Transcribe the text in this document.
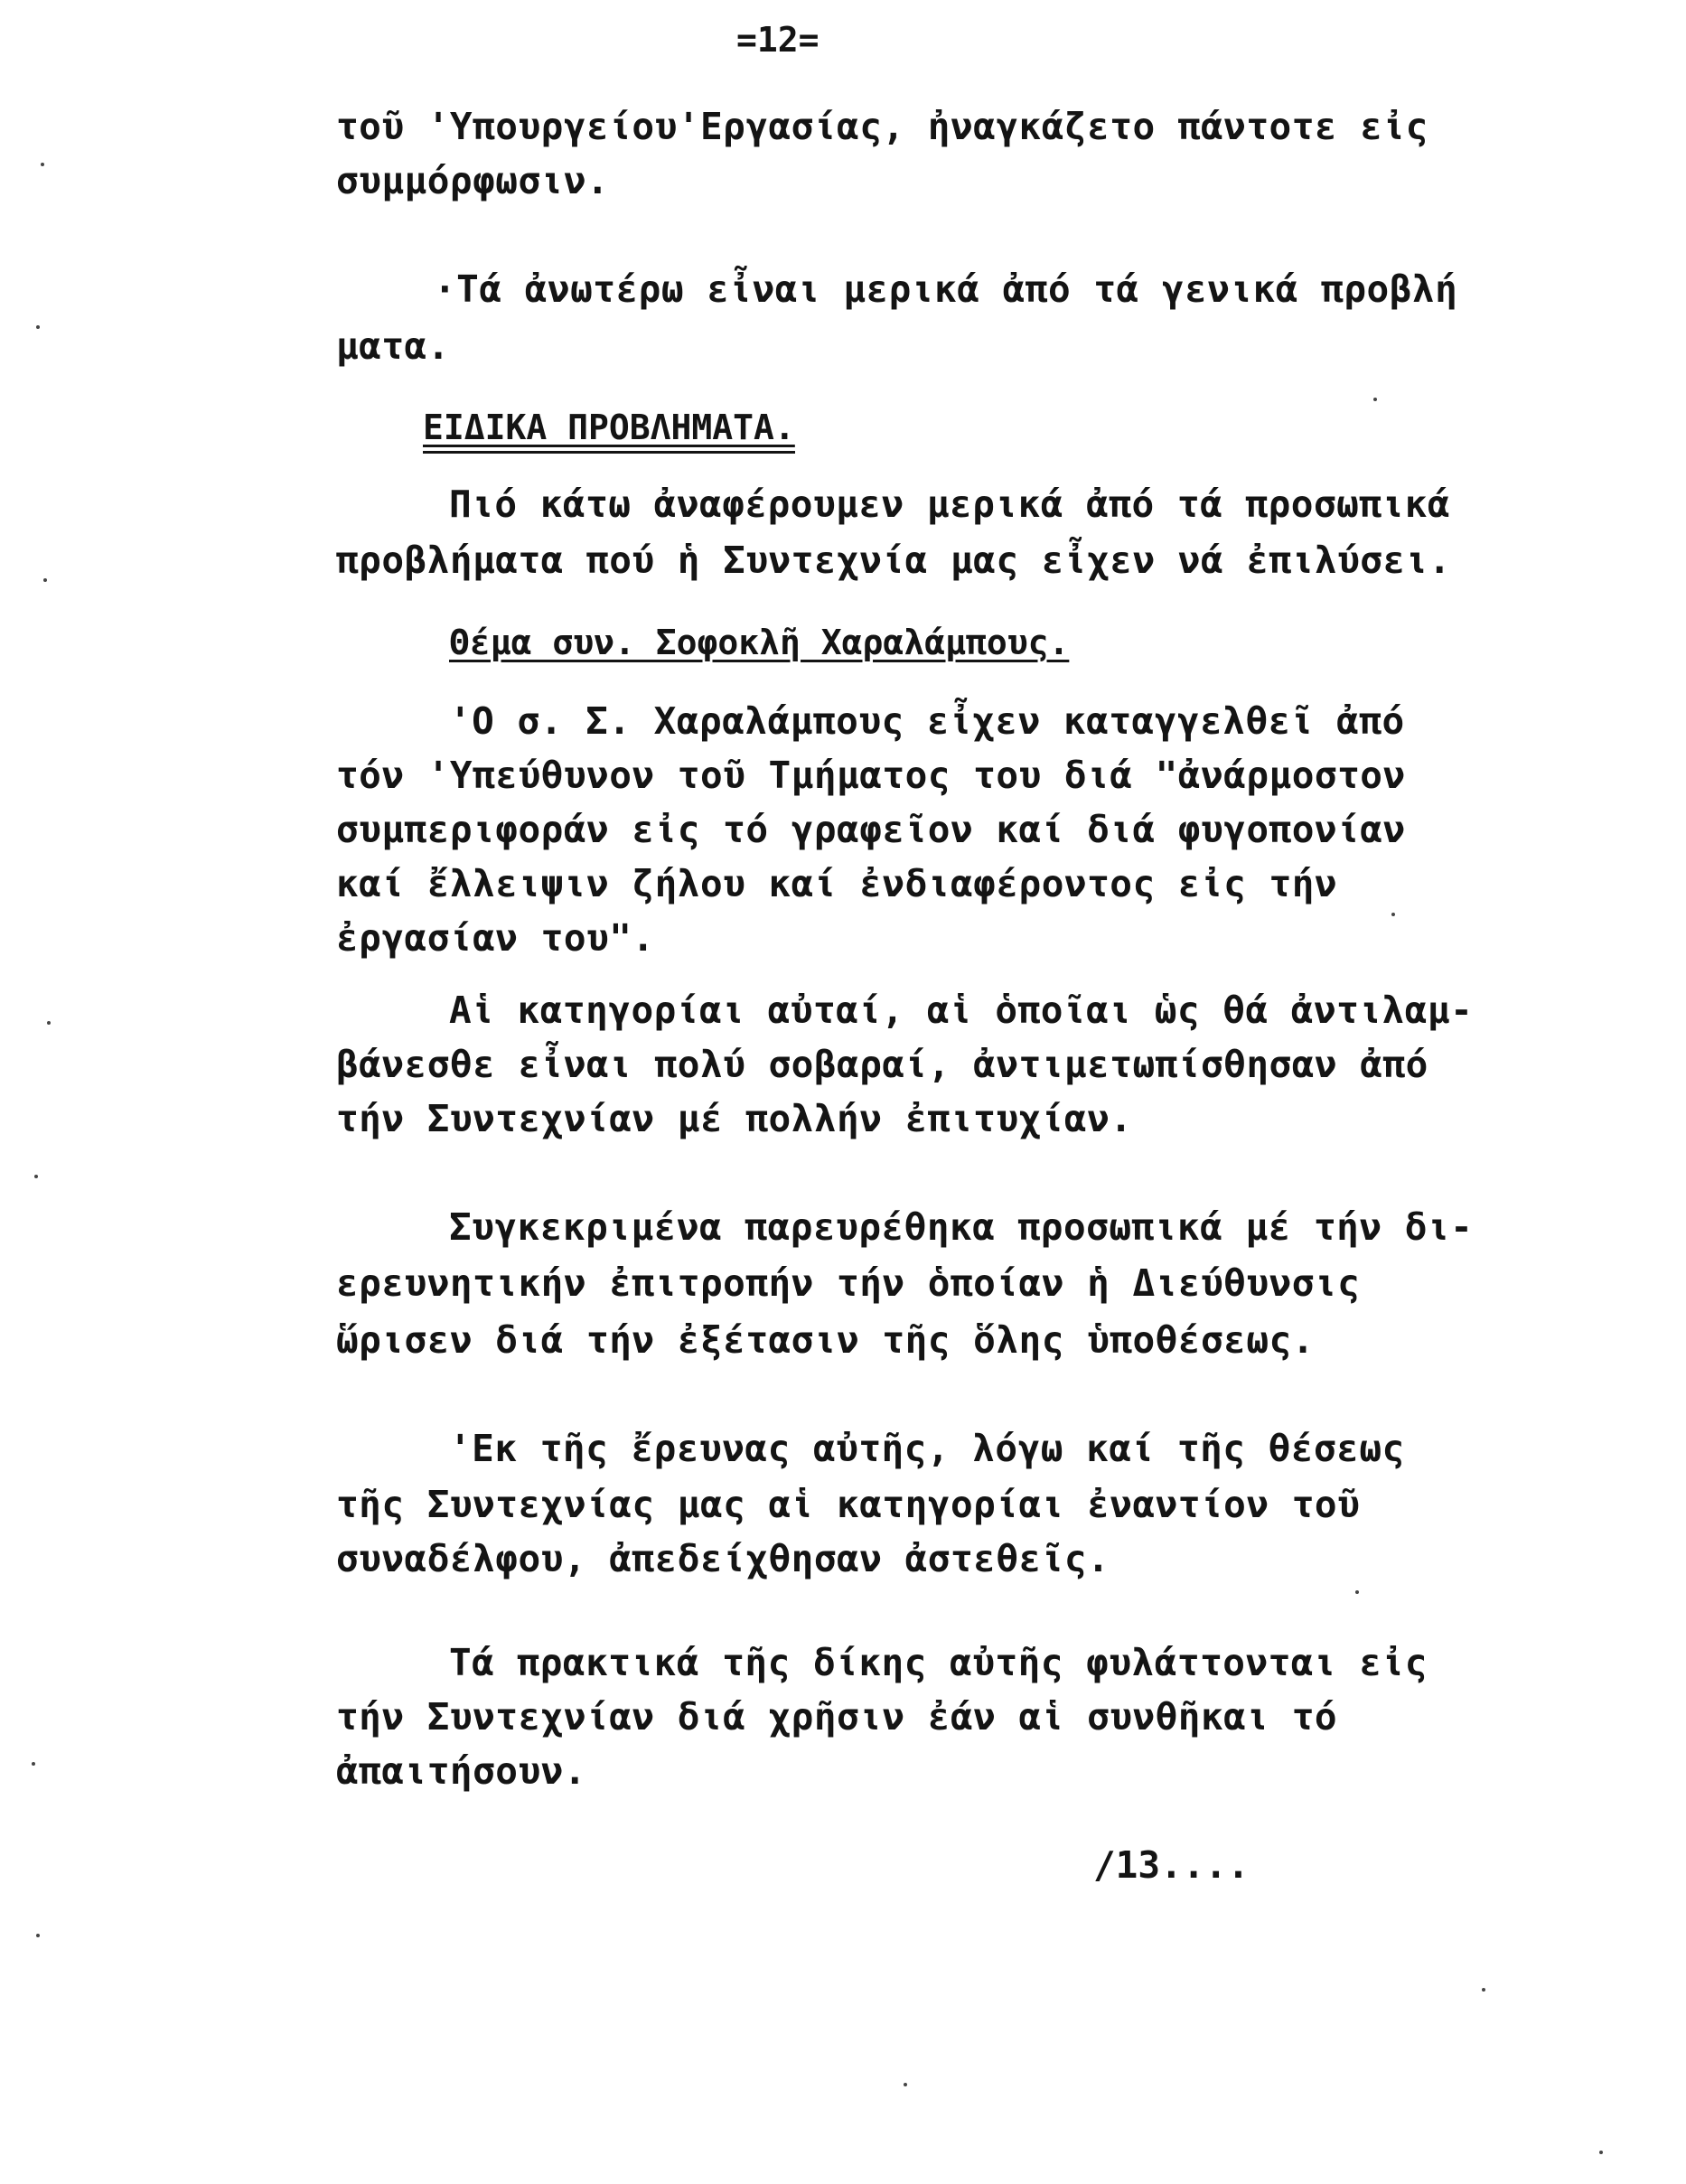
=12=
τοῦ 'Υπουργείου'Εργασίας, ἠναγκάζετο πάντοτε εἰς
συμμόρφωσιν.
·Τά ἀνωτέρω εἶναι μερικά ἀπό τά γενικά προβλή
ματα.
ΕΙΔΙΚΑ ΠΡΟΒΛΗΜΑΤΑ.
Πιό κάτω ἀναφέρουμεν μερικά ἀπό τά προσωπικά
προβλήματα πού ἡ Συντεχνία μας εἶχεν νά ἐπιλύσει.
Θέμα συν. Σοφοκλῆ Χαραλάμπους.
'Ο σ. Σ. Χαραλάμπους εἶχεν καταγγελθεῖ ἀπό
τόν 'Υπεύθυνον τοῦ Τμήματος του διά "ἀνάρμοστον
συμπεριφοράν εἰς τό γραφεῖον καί διά φυγοπονίαν
καί ἔλλειψιν ζήλου καί ἐνδιαφέροντος εἰς τήν
ἐργασίαν του".
Αἱ κατηγορίαι αὐταί, αἱ ὁποῖαι ὡς θά ἀντιλαμ-
βάνεσθε εἶναι πολύ σοβαραί, ἀντιμετωπίσθησαν ἀπό
τήν Συντεχνίαν μέ πολλήν ἐπιτυχίαν.
Συγκεκριμένα παρευρέθηκα προσωπικά μέ τήν δι-
ερευνητικήν ἐπιτροπήν τήν ὁποίαν ἡ Διεύθυνσις
ὥρισεν διά τήν ἐξέτασιν τῆς ὅλης ὑποθέσεως.
'Εκ τῆς ἔρευνας αὐτῆς, λόγω καί τῆς θέσεως
τῆς Συντεχνίας μας αἱ κατηγορίαι ἐναντίον τοῦ
συναδέλφου, ἀπεδείχθησαν ἀστεθεῖς.
Τά πρακτικά τῆς δίκης αὐτῆς φυλάττονται εἰς
τήν Συντεχνίαν διά χρῆσιν ἐάν αἱ συνθῆκαι τό
ἀπαιτήσουν.
/13....
